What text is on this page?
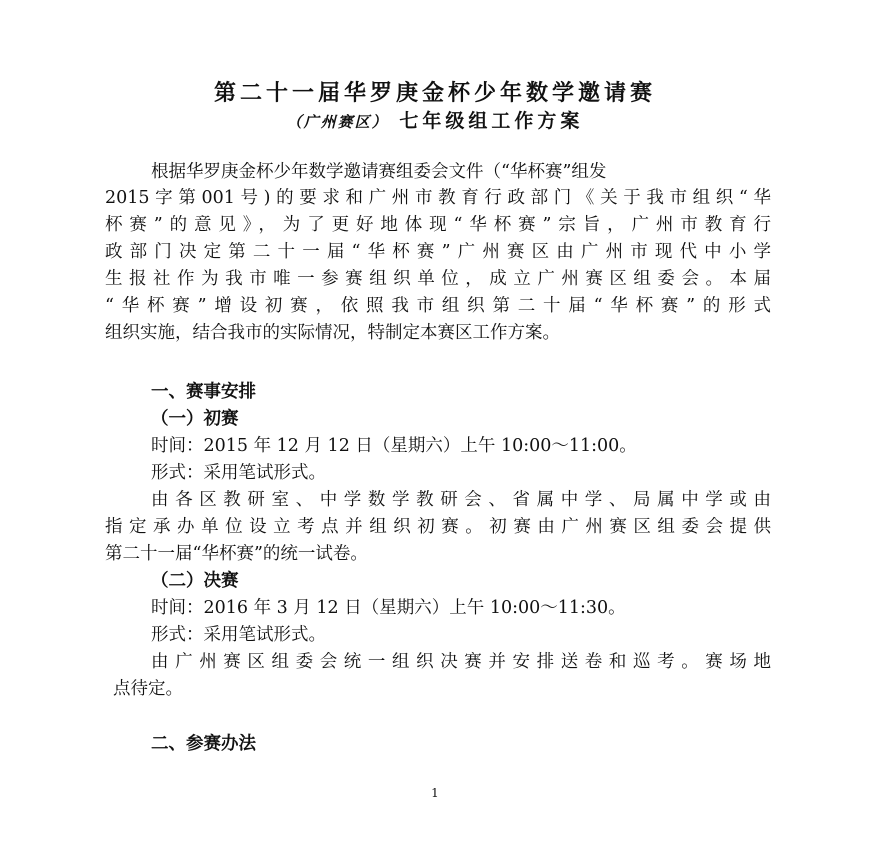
第二十一届华罗庚金杯少年数学邀请赛
（广州赛区） 七年级组工作方案
根据华罗庚金杯少年数学邀请赛组委会文件（“华杯赛”组发
2015字第001号)的要求和广州市教育行政部门《关于我市组织“华
杯赛”的意见》，为了更好地体现“华杯赛”宗旨，广州市教育行
政部门决定第二十一届“华杯赛”广州赛区由广州市现代中小学
生报社作为我市唯一参赛组织单位，成立广州赛区组委会。本届
“华杯赛”增设初赛，依照我市组织第二十届“华杯赛”的形式
组织实施，结合我市的实际情况，特制定本赛区工作方案。
一、赛事安排
（一）初赛
时间：2015 年 12 月 12 日（星期六）上午 10:00～11:00。
形式：采用笔试形式。
由各区教研室、中学数学教研会、省属中学、局属中学或由
指定承办单位设立考点并组织初赛。初赛由广州赛区组委会提供
第二十一届“华杯赛”的统一试卷。
（二）决赛
时间：2016 年 3 月 12 日（星期六）上午 10:00～11:30。
形式：采用笔试形式。
由广州赛区组委会统一组织决赛并安排送卷和巡考。赛场地
点待定。
二、参赛办法
1
